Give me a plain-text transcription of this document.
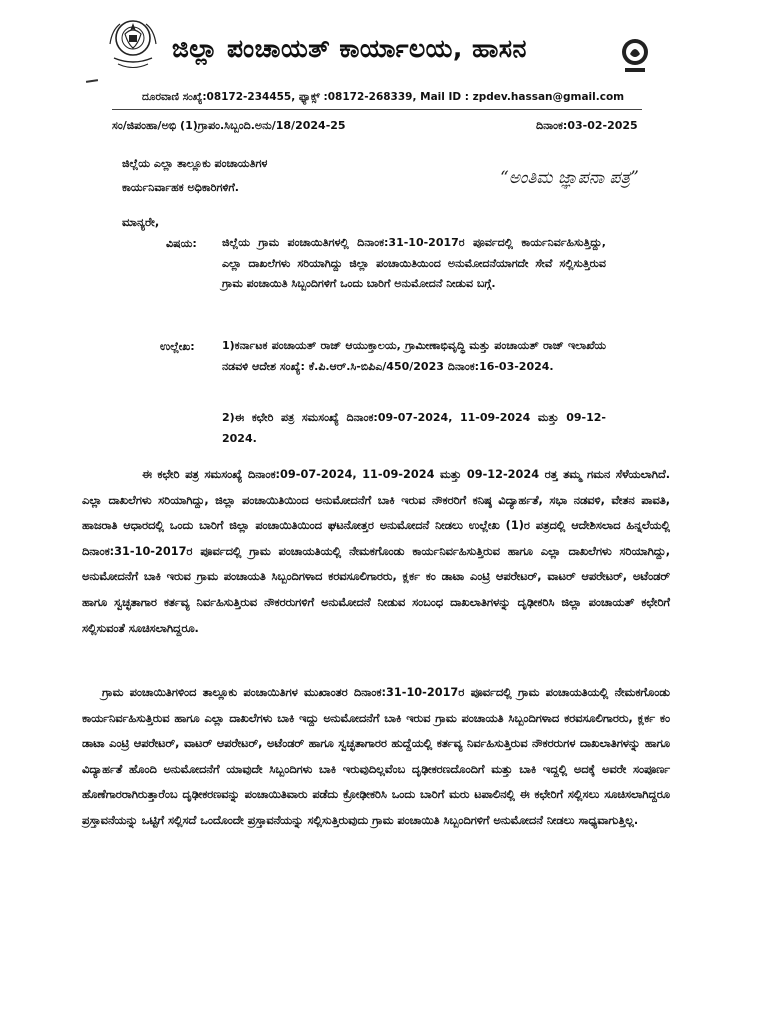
ಜಿಲ್ಲಾ ಪಂಚಾಯತ್ ಕಾರ್ಯಾಲಯ, ಹಾಸನ
ದೂರವಾಣಿ ಸಂಖ್ಯೆ:08172-234455, ಫ್ಯಾಕ್ಸ್ :08172-268339, Mail ID : zpdev.hassan@gmail.com
ಸಂ/ಜಿಪಂಹಾ/ಅಭಿ (1)ಗ್ರಾಪಂ.ಸಿಬ್ಬಂದಿ.ಅನು/18/2024-25	ದಿನಾಂಕ:03-02-2025
ಜಿಲ್ಲೆಯ ಎಲ್ಲಾ ತಾಲ್ಲೂಕು ಪಂಚಾಯತಿಗಳ
ಕಾರ್ಯನಿರ್ವಾಹಕ ಅಧಿಕಾರಿಗಳಿಗೆ.	“ಅಂತಿಮ ಜ್ಞಾಪನಾ ಪತ್ರ”
ಮಾನ್ಯರೇ,
ವಿಷಯ: ಜಿಲ್ಲೆಯ ಗ್ರಾಮ ಪಂಚಾಯಿತಿಗಳಲ್ಲಿ ದಿನಾಂಕ:31-10-2017ರ ಪೂರ್ವದಲ್ಲಿ ಕಾರ್ಯನಿರ್ವಹಿಸುತ್ತಿದ್ದು, ಎಲ್ಲಾ ದಾಖಲೆಗಳು ಸರಿಯಾಗಿದ್ದು ಜಿಲ್ಲಾ ಪಂಚಾಯಿತಿಯಿಂದ ಅನುಮೋದನೆಯಾಗದೇ ಸೇವೆ ಸಲ್ಲಿಸುತ್ತಿರುವ ಗ್ರಾಮ ಪಂಚಾಯಿತಿ ಸಿಬ್ಬಂದಿಗಳಿಗೆ ಒಂದು ಬಾರಿಗೆ ಅನುಮೋದನೆ ನೀಡುವ ಬಗ್ಗೆ.
ಉಲ್ಲೇಖ: 1)ಕರ್ನಾಟಕ ಪಂಚಾಯತ್ ರಾಜ್ ಆಯುಕ್ತಾಲಯ, ಗ್ರಾಮೀಣಾಭಿವೃದ್ಧಿ ಮತ್ತು ಪಂಚಾಯತ್ ರಾಜ್ ಇಲಾಖೆಯ ನಡವಳಿ ಆದೇಶ ಸಂಖ್ಯೆ: ಕೆ.ಪಿ.ಆರ್.ಸಿ-ಬಿಪಿಎ/450/2023 ದಿನಾಂಕ:16-03-2024.
2)ಈ ಕಛೇರಿ ಪತ್ರ ಸಮಸಂಖ್ಯೆ ದಿನಾಂಕ:09-07-2024, 11-09-2024 ಮತ್ತು 09-12-2024.
ಈ ಕಛೇರಿ ಪತ್ರ ಸಮಸಂಖ್ಯೆ ದಿನಾಂಕ:09-07-2024, 11-09-2024 ಮತ್ತು 09-12-2024 ರತ್ತ ತಮ್ಮ ಗಮನ ಸೆಳೆಯಲಾಗಿದೆ. ಎಲ್ಲಾ ದಾಖಲೆಗಳು ಸರಿಯಾಗಿದ್ದು, ಜಿಲ್ಲಾ ಪಂಚಾಯಿತಿಯಿಂದ ಅನುಮೋದನೆಗೆ ಬಾಕಿ ಇರುವ ನೌಕರರಿಗೆ ಕನಿಷ್ಠ ವಿದ್ಯಾರ್ಹತೆ, ಸಭಾ ನಡವಳಿ, ವೇತನ ಪಾವತಿ, ಹಾಜರಾತಿ ಆಧಾರದಲ್ಲಿ ಒಂದು ಬಾರಿಗೆ ಜಿಲ್ಲಾ ಪಂಚಾಯಿತಿಯಿಂದ ಘಟನೋತ್ತರ ಅನುಮೋದನೆ ನೀಡಲು ಉಲ್ಲೇಖ (1)ರ ಪತ್ರದಲ್ಲಿ ಆದೇಶಿಸಲಾದ ಹಿನ್ನಲೆಯಲ್ಲಿ ದಿನಾಂಕ:31-10-2017ರ ಪೂರ್ವದಲ್ಲಿ ಗ್ರಾಮ ಪಂಚಾಯತಿಯಲ್ಲಿ ನೇಮಕಗೊಂಡು ಕಾರ್ಯನಿರ್ವಹಿಸುತ್ತಿರುವ ಹಾಗೂ ಎಲ್ಲಾ ದಾಖಲೆಗಳು ಸರಿಯಾಗಿದ್ದು, ಅನುಮೋದನೆಗೆ ಬಾಕಿ ಇರುವ ಗ್ರಾಮ ಪಂಚಾಯತಿ ಸಿಬ್ಬಂದಿಗಳಾದ ಕರವಸೂಲಿಗಾರರು, ಕ್ಲರ್ಕ ಕಂ ಡಾಟಾ ಎಂಟ್ರಿ ಆಪರೇಟರ್, ವಾಟರ್ ಆಪರೇಟರ್, ಅಟೆಂಡರ್ ಹಾಗೂ ಸ್ವಚ್ಛತಾಗಾರ ಕರ್ತವ್ಯ ನಿರ್ವಹಿಸುತ್ತಿರುವ ನೌಕರರುಗಳಿಗೆ ಅನುಮೋದನೆ ನೀಡುವ ಸಂಬಂಧ ದಾಖಲಾತಿಗಳನ್ನು ದೃಢೀಕರಿಸಿ ಜಿಲ್ಲಾ ಪಂಚಾಯತ್ ಕಛೇರಿಗೆ ಸಲ್ಲಿಸುವಂತೆ ಸೂಚಿಸಲಾಗಿದ್ದರೂ.
ಗ್ರಾಮ ಪಂಚಾಯಿತಿಗಳಿಂದ ತಾಲ್ಲೂಕು ಪಂಚಾಯಿತಿಗಳ ಮುಖಾಂತರ ದಿನಾಂಕ:31-10-2017ರ ಪೂರ್ವದಲ್ಲಿ ಗ್ರಾಮ ಪಂಚಾಯತಿಯಲ್ಲಿ ನೇಮಕಗೊಂಡು ಕಾರ್ಯನಿರ್ವಹಿಸುತ್ತಿರುವ ಹಾಗೂ ಎಲ್ಲಾ ದಾಖಲೆಗಳು ಬಾಕಿ ಇದ್ದು ಅನುಮೋದನೆಗೆ ಬಾಕಿ ಇರುವ ಗ್ರಾಮ ಪಂಚಾಯತಿ ಸಿಬ್ಬಂದಿಗಳಾದ ಕರವಸೂಲಿಗಾರರು, ಕ್ಲರ್ಕ ಕಂ ಡಾಟಾ ಎಂಟ್ರಿ ಆಪರೇಟರ್, ವಾಟರ್ ಆಪರೇಟರ್, ಅಟೆಂಡರ್ ಹಾಗೂ ಸ್ವಚ್ಛತಾಗಾರರ ಹುದ್ದೆಯಲ್ಲಿ ಕರ್ತವ್ಯ ನಿರ್ವಹಿಸುತ್ತಿರುವ ನೌಕರರುಗಳ ದಾಖಲಾತಿಗಳನ್ನು ಹಾಗೂ ವಿದ್ಯಾರ್ಹತೆ ಹೊಂದಿ ಅನುಮೋದನೆಗೆ ಯಾವುದೇ ಸಿಬ್ಬಂದಿಗಳು ಬಾಕಿ ಇರುವುದಿಲ್ಲವೆಂಬ ದೃಢೀಕರಣದೊಂದಿಗೆ ಮತ್ತು ಬಾಕಿ ಇದ್ದಲ್ಲಿ ಅದಕ್ಕೆ ಅವರೇ ಸಂಪೂರ್ಣ ಹೊಣೆಗಾರರಾಗಿರುತ್ತಾರೆಂಬ ದೃಢೀಕರಣವನ್ನು ಪಂಚಾಯಿತಿವಾರು ಪಡೆದು ಕ್ರೋಢೀಕರಿಸಿ ಒಂದು ಬಾರಿಗೆ ಮರು ಟಪಾಲಿನಲ್ಲಿ ಈ ಕಛೇರಿಗೆ ಸಲ್ಲಿಸಲು ಸೂಚಿಸಲಾಗಿದ್ದರೂ ಪ್ರಸ್ತಾವನೆಯನ್ನು ಒಟ್ಟಿಗೆ ಸಲ್ಲಿಸದೆ ಒಂದೊಂದೇ ಪ್ರಸ್ತಾವನೆಯನ್ನು ಸಲ್ಲಿಸುತ್ತಿರುವುದು ಗ್ರಾಮ ಪಂಚಾಯಿತಿ ಸಿಬ್ಬಂದಿಗಳಿಗೆ ಅನುಮೋದನೆ ನೀಡಲು ಸಾಧ್ಯವಾಗುತ್ತಿಲ್ಲ.
